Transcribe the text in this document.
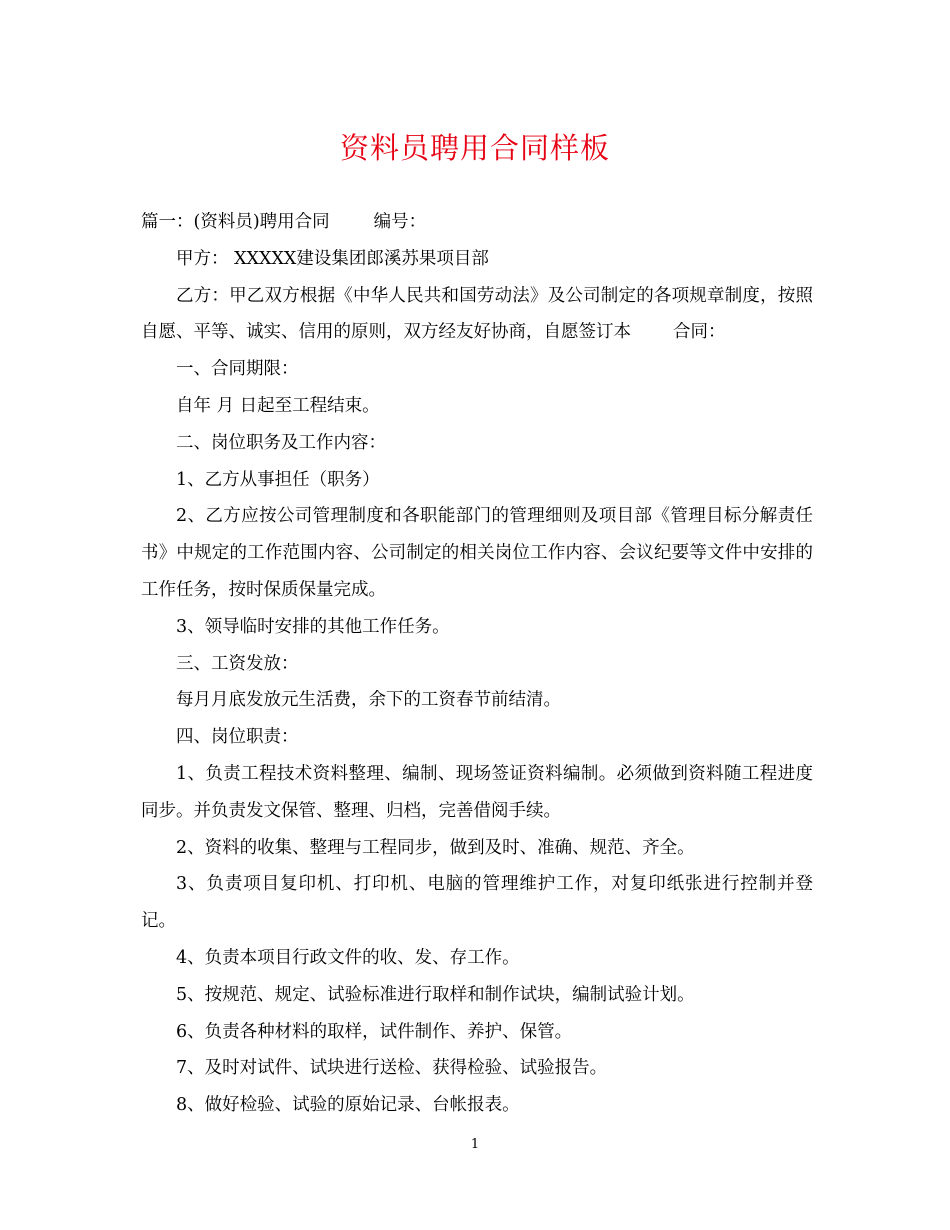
资料员聘用合同样板

篇一：(资料员)聘用合同	编号：

甲方： XXXXX建设集团郎溪苏果项目部

乙方：甲乙双方根据《中华人民共和国劳动法》及公司制定的各项规章制度，按照自愿、平等、诚实、信用的原则，双方经友好协商，自愿签订本 合同：

一、合同期限：

自年 月 日起至工程结束。

二、岗位职务及工作内容：

1、乙方从事担任（职务）

2、乙方应按公司管理制度和各职能部门的管理细则及项目部《管理目标分解责任书》中规定的工作范围内容、公司制定的相关岗位工作内容、会议纪要等文件中安排的工作任务，按时保质保量完成。

3、领导临时安排的其他工作任务。

三、工资发放：

每月月底发放元生活费，余下的工资春节前结清。

四、岗位职责：

1、负责工程技术资料整理、编制、现场签证资料编制。必须做到资料随工程进度同步。并负责发文保管、整理、归档，完善借阅手续。

2、资料的收集、整理与工程同步，做到及时、准确、规范、齐全。

3、负责项目复印机、打印机、电脑的管理维护工作，对复印纸张进行控制并登记。

4、负责本项目行政文件的收、发、存工作。

5、按规范、规定、试验标准进行取样和制作试块，编制试验计划。

6、负责各种材料的取样，试件制作、养护、保管。

7、及时对试件、试块进行送检、获得检验、试验报告。

8、做好检验、试验的原始记录、台帐报表。

1
